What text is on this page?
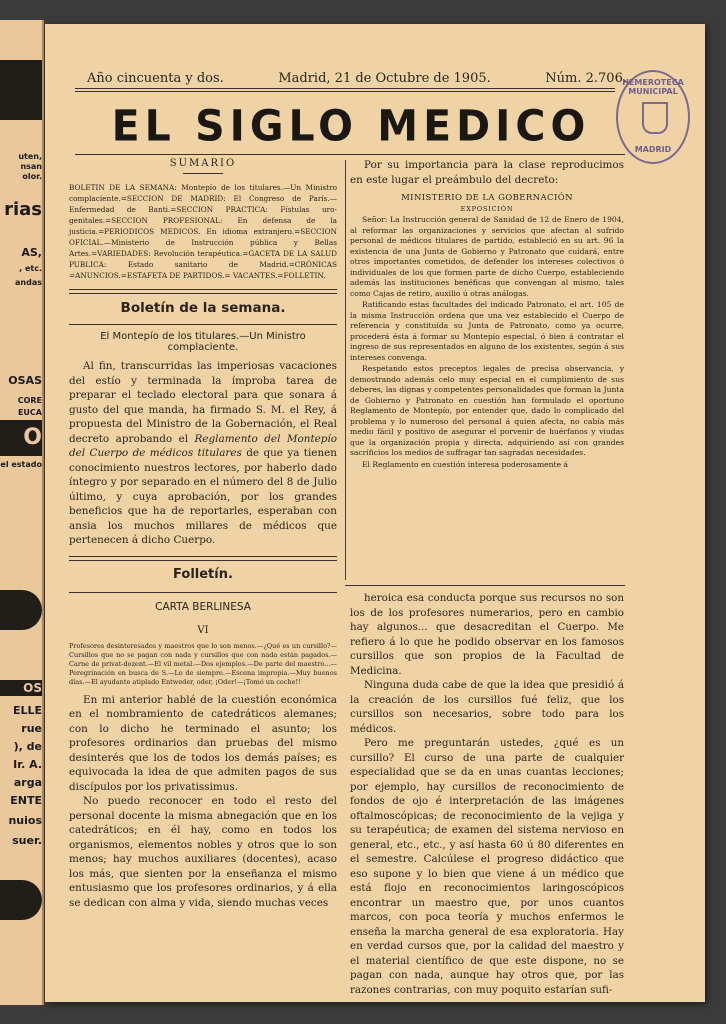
uten,
nsan
olor.
rias
AS,
, etc.
andas
OSAS
CORE
EUCA
O
el estado
OS
ELLE
rue
), de
Ir. A.
arga
ENTE
nuios
suer.
Año cincuenta y dos.	Madrid, 21 de Octubre de 1905.	Núm. 2.706.
EL SIGLO MEDICO
HEMEROTECA MUNICIPAL
MADRID
SUMARIO
BOLETIN DE LA SEMANA: Montepío de los titulares.—Un Ministro complaciente.=SECCION DE MADRID: El Congreso de París.—Enfermedad de Banti.=SECCION PRACTICA: Fístulas uro-genitales.=SECCION PROFESIONAL: En defensa de la justicia.=PERIODICOS MEDICOS. En idioma extranjero.=SECCION OFICIAL.—Ministerio de Instrucción pública y Bellas Artes.=VARIEDADES: Revolución terapéutica.=GACETA DE LA SALUD PUBLICA: Estado sanitario de Madrid.=CRÓNICAS =ANUNCIOS.=ESTAFETA DE PARTIDOS.= VACANTES.=FOLLETIN.
Boletín de la semana.
El Montepío de los titulares.—Un Ministro complaciente.

Al fin, transcurridas las imperiosas vacaciones del estío y terminada la ímproba tarea de preparar el teclado electoral para que sonara á gusto del que manda, ha firmado S. M. el Rey, á propuesta del Ministro de la Gobernación, el Real decreto aprobando el Reglamento del Montepío del Cuerpo de médicos titulares de que ya tienen conocimiento nuestros lectores, por haberlo dado íntegro y por separado en el número del 8 de Julio último, y cuya aprobación, por los grandes beneficios que ha de reportarles, esperaban con ansia los muchos millares de médicos que pertenecen á dicho Cuerpo.

Folletín.
CARTA BERLINESA
VI
Profesores desinteresados y maestros que lo son menos.—¿Qué es un cursillo?—Cursillos que no se pagan con nada y cursillos que con nada están pagados.—Carne de privat-dozent.—El vil metal.—Dos ejemplos.—De parte del maestro...—Peregrinación en busca de S.—Lo de siempre.—Escena impropia.—Muy buenos días.—El ayudante atiplado Entweder, oder, ¡Oder!—¡Tomó un coche!!

En mi anterior hablé de la cuestión económica en el nombramiento de catedráticos alemanes; con lo dicho he terminado el asunto; los profesores ordinarios dan pruebas del mismo desinterés que los de todos los demás países; es equivocada la idea de que admiten pagos de sus discípulos por los privatissimus.

No puedo reconocer en todo el resto del personal docente la misma abnegación que en los catedráticos; en él hay, como en todos los organismos, elementos nobles y otros que lo son menos; hay muchos auxiliares (docentes), acaso los más, que sienten por la enseñanza el mismo entusiasmo que los profesores ordinarios, y á ella se dedican con alma y vida, siendo muchas veces

Por su importancia para la clase reproducimos en este lugar el preámbulo del decreto:

MINISTERIO DE LA GOBERNACIÓN
EXPOSICIÓN

Señor: La Instrucción general de Sanidad de 12 de Enero de 1904, al reformar las organizaciones y servicios que afectan al sufrido personal de médicos titulares de partido, estableció en su art. 96 la existencia de una Junta de Gobierno y Patronato que cuidará, entre otros importantes cometidos, de defender los intereses colectivos ó individuales de los que formen parte de dicho Cuerpo, estableciendo además las instituciones benéficas que convengan al mismo, tales como Cajas de retiro, auxilio ú otras análogas.

Ratificando estas facultades del indicado Patronato, el art. 105 de la misma Instrucción ordena que una vez establecido el Cuerpo de referencia y constituída su Junta de Patronato, como ya ocurre, procederá ésta á formar su Montepío especial, ó bien á contratar el ingreso de sus representados en alguno de los existentes, según á sus intereses convenga.

Respetando estos preceptos legales de precisa observancia, y demostrando además celo muy especial en el cumplimiento de sus deberes, las dignas y competentes personalidades que forman la Junta de Gobierno y Patronato en cuestión han formulado el oportuno Reglamento de Montepío, por entender que, dado lo complicado del problema y lo numeroso del personal á quien afecta, no cabía más medio fácil y positivo de asegurar el porvenir de huérfanos y viudas que la organización propia y directa, adquiriendo así con grandes sacrificios los medios de suffragar tan sagradas necesidades.

El Reglamento en cuestión interesa poderosamente á

heroica esa conducta porque sus recursos no son los de los profesores numerarios, pero en cambio hay algunos... que desacreditan el Cuerpo. Me refiero á lo que he podido observar en los famosos cursillos que son propios de la Facultad de Medicina.

Ninguna duda cabe de que la idea que presidió á la creación de los cursillos fué feliz, que los cursillos son necesarios, sobre todo para los médicos.

Pero me preguntarán ustedes, ¿qué es un cursillo? El curso de una parte de cualquier especialidad que se da en unas cuantas lecciones; por ejemplo, hay cursillos de reconocimiento de fondos de ojo é interpretación de las imágenes oftalmoscópicas; de reconocimiento de la vejiga y su terapéutica; de examen del sistema nervioso en general, etc., etc., y así hasta 60 ú 80 diferentes en el semestre. Calcúlese el progreso didáctico que eso supone y lo bien que viene á un médico que está flojo en reconocimientos laringoscópicos encontrar un maestro que, por unos cuantos marcos, con poca teoría y muchos enfermos le enseña la marcha general de esa exploratoria. Hay en verdad cursos que, por la calidad del maestro y el material científico de que este dispone, no se pagan con nada, aunque hay otros que, por las razones contrarias, con muy poquito estarían sufi-
